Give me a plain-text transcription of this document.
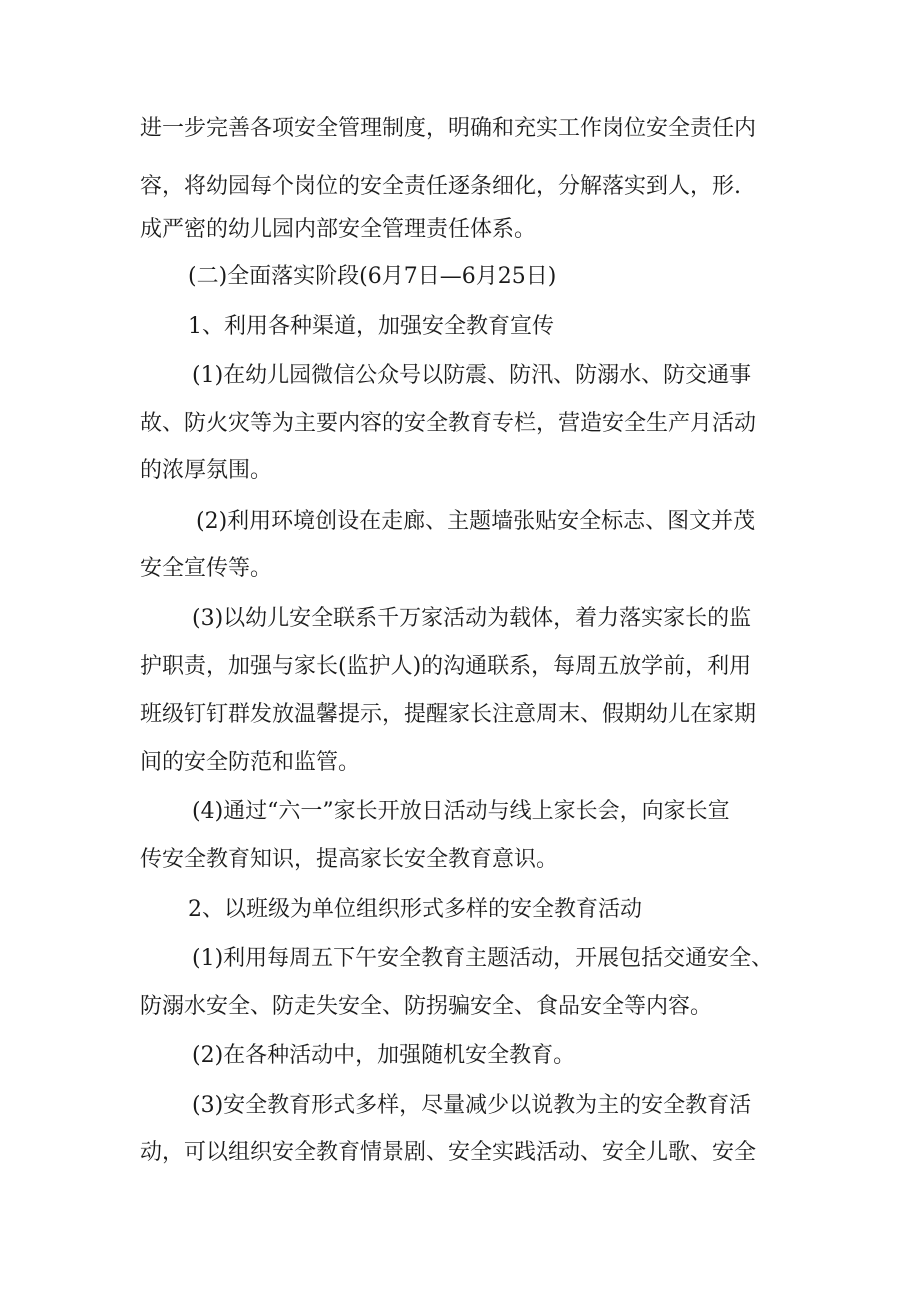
进一步完善各项安全管理制度，明确和充实工作岗位安全责任内
容，将幼园每个岗位的安全责任逐条细化，分解落实到人，形.
成严密的幼儿园内部安全管理责任体系。
(二)全面落实阶段(6月7日—6月25日)
1、利用各种渠道，加强安全教育宣传
(1)在幼儿园微信公众号以防震、防汛、防溺水、防交通事
故、防火灾等为主要内容的安全教育专栏，营造安全生产月活动
的浓厚氛围。
(2)利用环境创设在走廊、主题墙张贴安全标志、图文并茂
安全宣传等。
(3)以幼儿安全联系千万家活动为载体，着力落实家长的监
护职责，加强与家长(监护人)的沟通联系，每周五放学前，利用
班级钉钉群发放温馨提示，提醒家长注意周末、假期幼儿在家期
间的安全防范和监管。
(4)通过“六一”家长开放日活动与线上家长会，向家长宣
传安全教育知识，提高家长安全教育意识。
2、以班级为单位组织形式多样的安全教育活动
(1)利用每周五下午安全教育主题活动，开展包括交通安全、
防溺水安全、防走失安全、防拐骗安全、食品安全等内容。
(2)在各种活动中，加强随机安全教育。
(3)安全教育形式多样，尽量减少以说教为主的安全教育活
动，可以组织安全教育情景剧、安全实践活动、安全儿歌、安全
